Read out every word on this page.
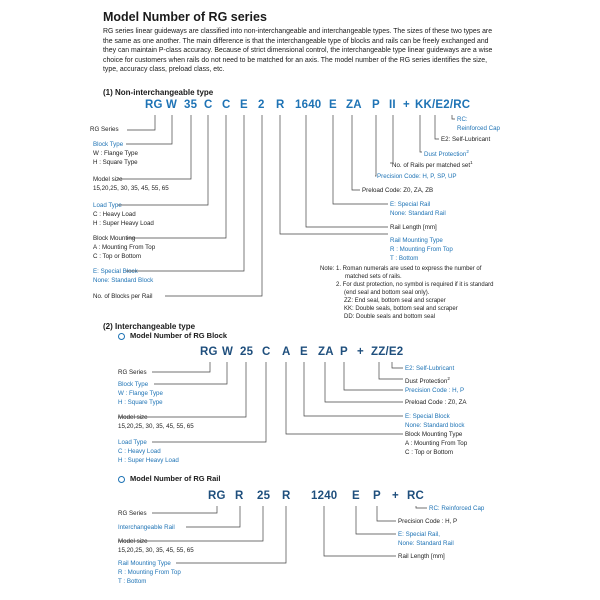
Model Number of RG series
RG series linear guideways are classified into non-interchangeable and interchangeable types. The sizes of these two types are the same as one another. The main difference is that the interchangeable type of blocks and rails can be freely exchanged and they can maintain P-class accuracy. Because of strict dimensional control, the interchangeable type linear guideways are a wise choice for customers when rails do not need to be matched for an axis. The model number of the RG series identifies the size, type, accuracy class, preload class, etc.
(1) Non-interchangeable type
RG W 35 C C E 2 R 1640 E ZA P II + KK/E2/RC
RG Series
Block Type
W : Flange Type
H : Square Type
Model size
15,20,25, 30, 35, 45, 55, 65
Load Type
C : Heavy Load
H : Super Heavy Load
Block Mounting
A : Mounting From Top
C : Top or Bottom
E: Special Block
None: Standard Block
No. of Blocks per Rail
RC:
Reinforced Cap
E2: Self-Lubricant
Dust Protection$^2$
No. of Rails per matched set$^1$
Precision Code: H, P, SP, UP
Preload Code: Z0, ZA, ZB
E: Special Rail
None: Standard Rail
Rail Length [mm]
Rail Mounting Type
R : Mounting From Top
T : Bottom
Note: 1. Roman numerals are used to express the number of
matched sets of rails.
2. For dust protection, no symbol is required if it is standard
(end seal and bottom seal only).
ZZ: End seal, bottom seal and scraper
KK: Double seals, bottom seal and scraper
DD: Double seals and bottom seal
(2) Interchangeable type
Model Number of RG Block
RG W 25 C A E ZA P + ZZ/E2
RG Series
Block Type
W : Flange Type
H : Square Type
Model size
15,20,25, 30, 35, 45, 55, 65
Load Type
C : Heavy Load
H : Super Heavy Load
E2: Self-Lubricant
Dust Protection$^2$
Precision Code : H, P
Preload Code : Z0, ZA
E: Special Block
None: Standard block
Block Mounting Type
A : Mounting From Top
C : Top or Bottom
Model Number of RG Rail
RG R 25 R 1240 E P + RC
RG Series
Interchangeable Rail
Model size
15,20,25, 30, 35, 45, 55, 65
Rail Mounting Type
R : Mounting From Top
T : Bottom
RC: Reinforced Cap
Precision Code : H, P
E: Special Rail,
None: Standard Rail
Rail Length [mm]
